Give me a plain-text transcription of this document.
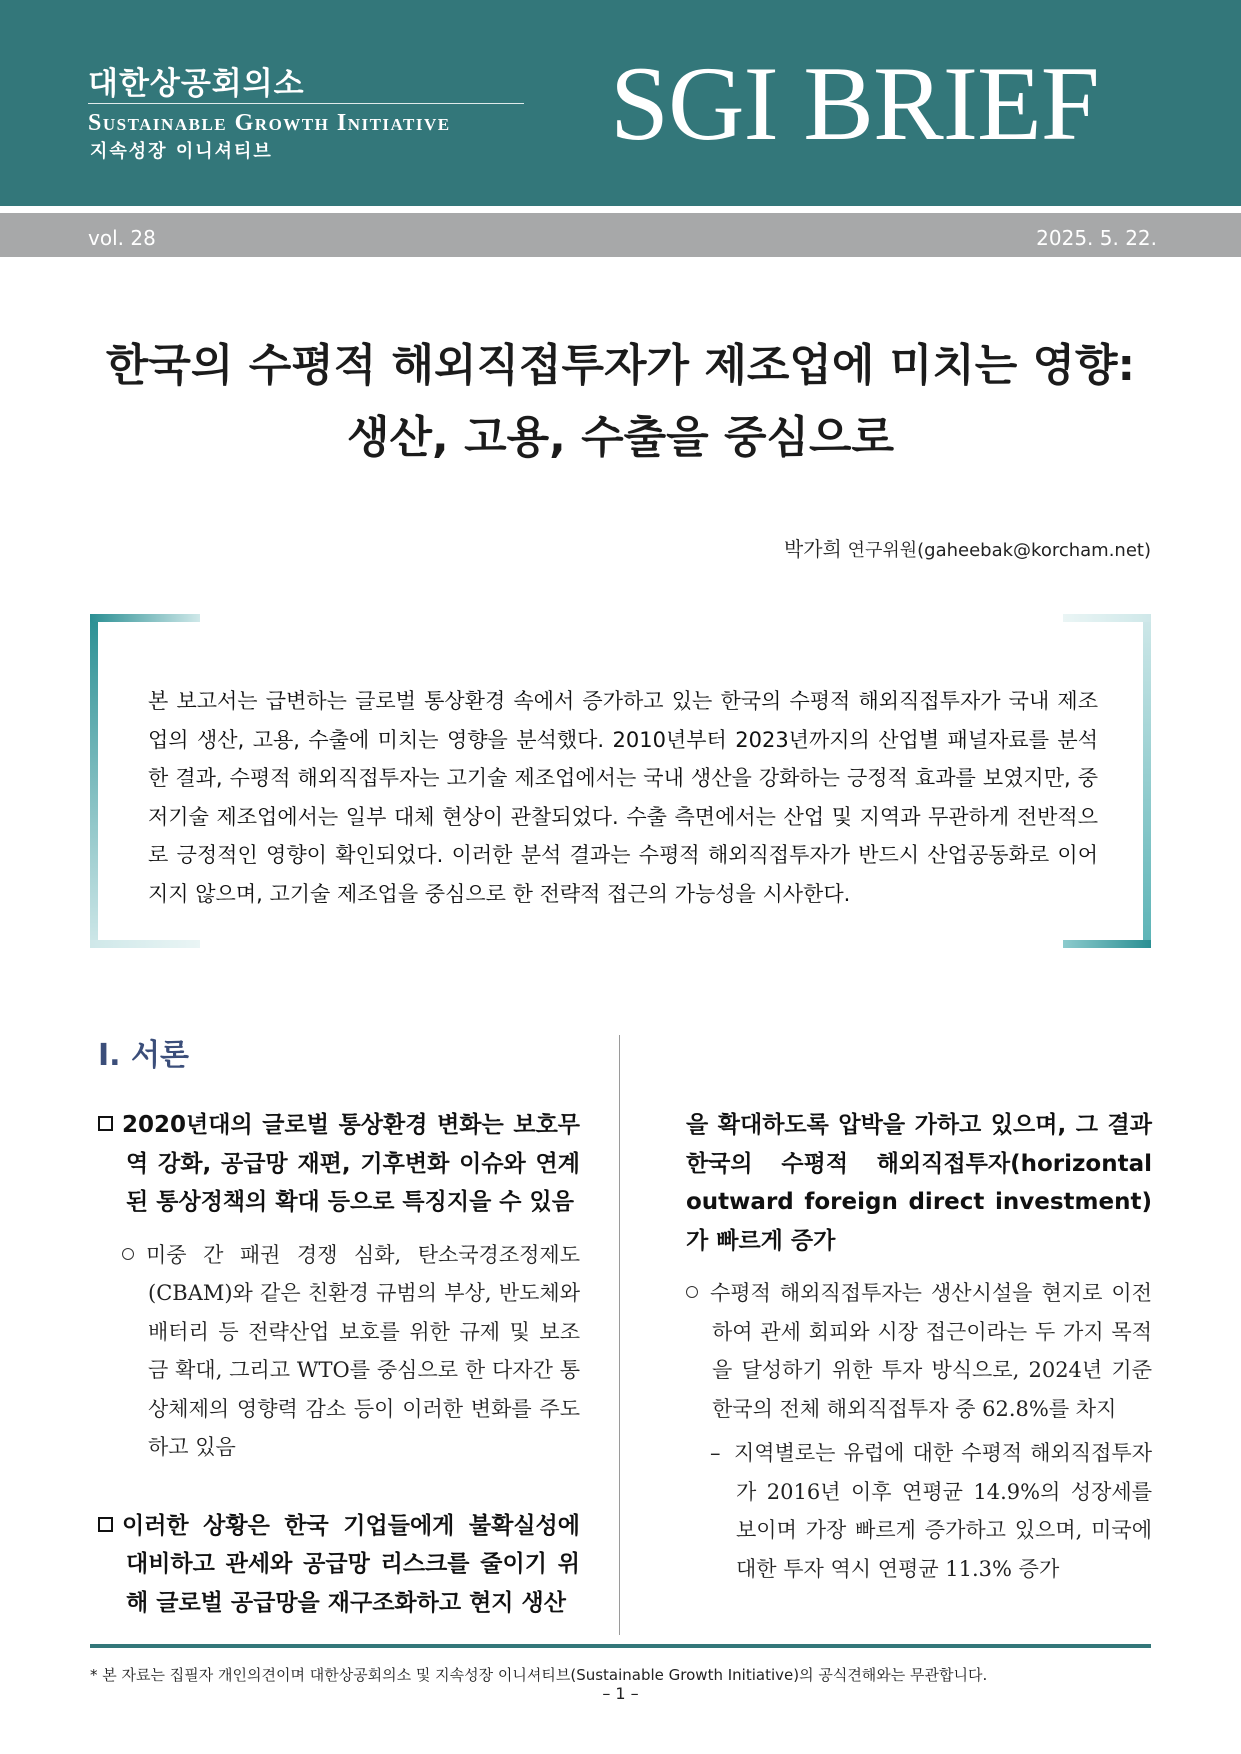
대한상공회의소
Sustainable Growth Initiative
지속성장 이니셔티브	SGI BRIEF
vol. 28	2025. 5. 22.
한국의 수평적 해외직접투자가 제조업에 미치는 영향:
생산, 고용, 수출을 중심으로
박가희 연구위원(gaheebak@korcham.net)
본 보고서는 급변하는 글로벌 통상환경 속에서 증가하고 있는 한국의 수평적 해외직접투자가 국내 제조업의 생산, 고용, 수출에 미치는 영향을 분석했다. 2010년부터 2023년까지의 산업별 패널자료를 분석한 결과, 수평적 해외직접투자는 고기술 제조업에서는 국내 생산을 강화하는 긍정적 효과를 보였지만, 중저기술 제조업에서는 일부 대체 현상이 관찰되었다. 수출 측면에서는 산업 및 지역과 무관하게 전반적으로 긍정적인 영향이 확인되었다. 이러한 분석 결과는 수평적 해외직접투자가 반드시 산업공동화로 이어지지 않으며, 고기술 제조업을 중심으로 한 전략적 접근의 가능성을 시사한다.
Ⅰ. 서론
2020년대의 글로벌 통상환경 변화는 보호무역 강화, 공급망 재편, 기후변화 이슈와 연계된 통상정책의 확대 등으로 특징지을 수 있음
미중 간 패권 경쟁 심화, 탄소국경조정제도(CBAM)와 같은 친환경 규범의 부상, 반도체와 배터리 등 전략산업 보호를 위한 규제 및 보조금 확대, 그리고 WTO를 중심으로 한 다자간 통상체제의 영향력 감소 등이 이러한 변화를 주도하고 있음
이러한 상황은 한국 기업들에게 불확실성에 대비하고 관세와 공급망 리스크를 줄이기 위해 글로벌 공급망을 재구조화하고 현지 생산
을 확대하도록 압박을 가하고 있으며, 그 결과 한국의 수평적 해외직접투자(horizontal outward foreign direct investment)가 빠르게 증가
수평적 해외직접투자는 생산시설을 현지로 이전하여 관세 회피와 시장 접근이라는 두 가지 목적을 달성하기 위한 투자 방식으로, 2024년 기준 한국의 전체 해외직접투자 중 62.8%를 차지
– 지역별로는 유럽에 대한 수평적 해외직접투자가 2016년 이후 연평균 14.9%의 성장세를 보이며 가장 빠르게 증가하고 있으며, 미국에 대한 투자 역시 연평균 11.3% 증가
* 본 자료는 집필자 개인의견이며 대한상공회의소 및 지속성장 이니셔티브(Sustainable Growth Initiative)의 공식견해와는 무관합니다.
– 1 –
